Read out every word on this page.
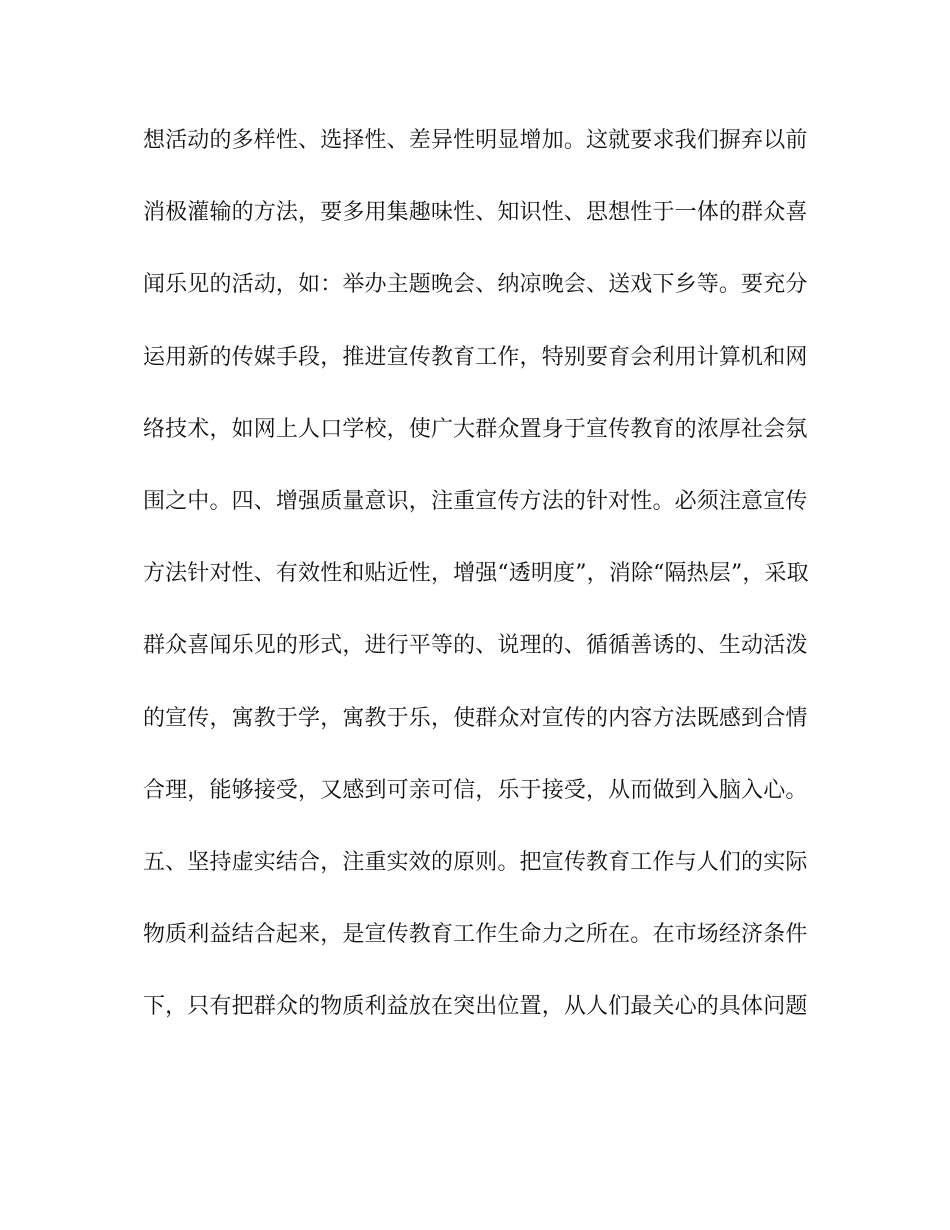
想活动的多样性、选择性、差异性明显增加。这就要求我们摒弃以前
消极灌输的方法，要多用集趣味性、知识性、思想性于一体的群众喜
闻乐见的活动，如：举办主题晚会、纳凉晚会、送戏下乡等。要充分
运用新的传媒手段，推进宣传教育工作，特别要育会利用计算机和网
络技术，如网上人口学校，使广大群众置身于宣传教育的浓厚社会氛
围之中。四、增强质量意识，注重宣传方法的针对性。必须注意宣传
方法针对性、有效性和贴近性，增强“透明度”，消除“隔热层”，采取
群众喜闻乐见的形式，进行平等的、说理的、循循善诱的、生动活泼
的宣传，寓教于学，寓教于乐，使群众对宣传的内容方法既感到合情
合理，能够接受，又感到可亲可信，乐于接受，从而做到入脑入心。
五、坚持虚实结合，注重实效的原则。把宣传教育工作与人们的实际
物质利益结合起来，是宣传教育工作生命力之所在。在市场经济条件
下，只有把群众的物质利益放在突出位置，从人们最关心的具体问题
